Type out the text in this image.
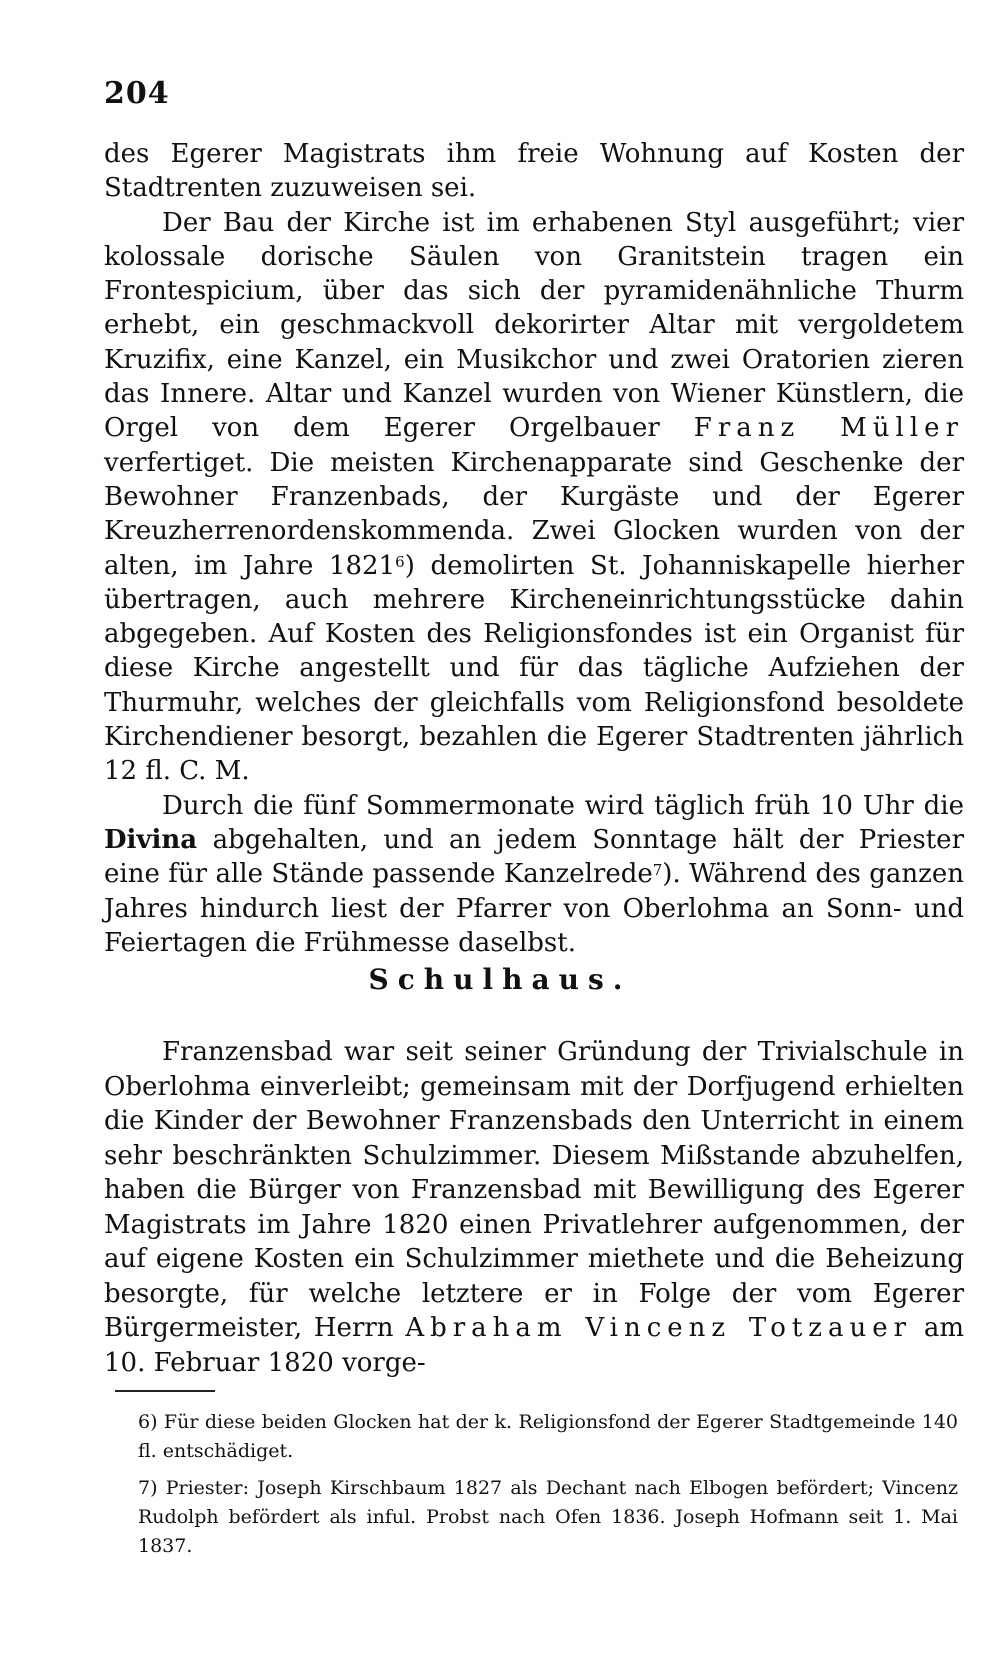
204

des Egerer Magistrats ihm freie Wohnung auf Kosten der Stadtrenten zuzuweisen sei.

Der Bau der Kirche ist im erhabenen Styl ausgeführt; vier kolossale dorische Säulen von Granitstein tragen ein Frontespicium, über das sich der pyramidenähnliche Thurm erhebt, ein geschmackvoll dekorirter Altar mit vergoldetem Kruzifix, eine Kanzel, ein Musikchor und zwei Oratorien zieren das Innere. Altar und Kanzel wurden von Wiener Künstlern, die Orgel von dem Egerer Orgelbauer Franz Müller verfertiget. Die meisten Kirchenapparate sind Geschenke der Bewohner Franzenbads, der Kurgäste und der Egerer Kreuzherrenordenskommenda. Zwei Glocken wurden von der alten, im Jahre 1821$^6$) demolirten St. Johanniskapelle hierher übertragen, auch mehrere Kircheneinrichtungsstücke dahin abgegeben. Auf Kosten des Religionsfondes ist ein Organist für diese Kirche angestellt und für das tägliche Aufziehen der Thurmuhr, welches der gleichfalls vom Religionsfond besoldete Kirchendiener besorgt, bezahlen die Egerer Stadtrenten jährlich 12 fl. C. M.

Durch die fünf Sommermonate wird täglich früh 10 Uhr die Divina abgehalten, und an jedem Sonntage hält der Priester eine für alle Stände passende Kanzelrede$^7$). Während des ganzen Jahres hindurch liest der Pfarrer von Oberlohma an Sonn- und Feiertagen die Frühmesse daselbst.

Schulhaus.

Franzensbad war seit seiner Gründung der Trivialschule in Oberlohma einverleibt; gemeinsam mit der Dorfjugend erhielten die Kinder der Bewohner Franzensbads den Unterricht in einem sehr beschränkten Schulzimmer. Diesem Mißstande abzuhelfen, haben die Bürger von Franzensbad mit Bewilligung des Egerer Magistrats im Jahre 1820 einen Privatlehrer aufgenommen, der auf eigene Kosten ein Schulzimmer miethete und die Beheizung besorgte, für welche letztere er in Folge der vom Egerer Bürgermeister, Herrn Abraham Vincenz Totzauer am 10. Februar 1820 vorge-

6) Für diese beiden Glocken hat der k. Religionsfond der Egerer Stadtgemeinde 140 fl. entschädiget.

7) Priester: Joseph Kirschbaum 1827 als Dechant nach Elbogen befördert; Vincenz Rudolph befördert als inful. Probst nach Ofen 1836. Joseph Hofmann seit 1. Mai 1837.
